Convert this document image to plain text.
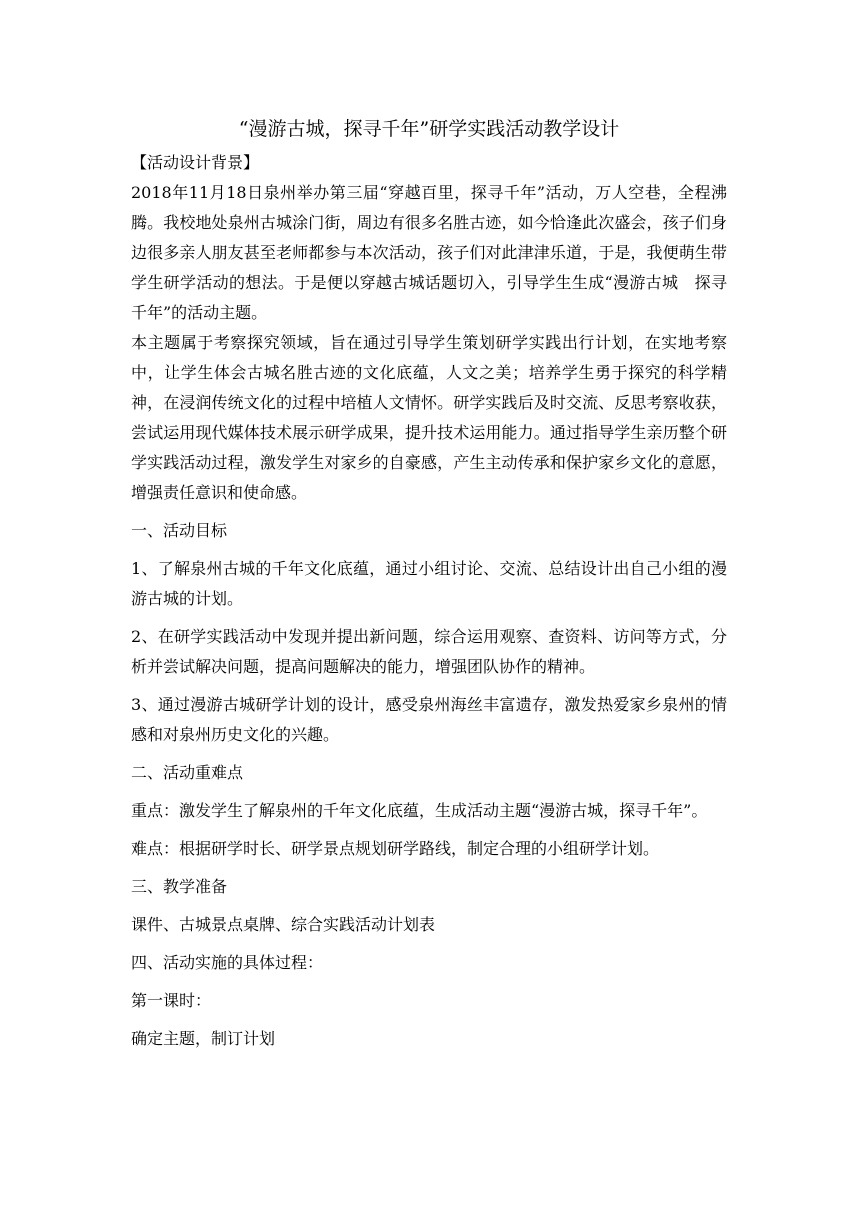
“漫游古城，探寻千年”研学实践活动教学设计

【活动设计背景】

2018年11月18日泉州举办第三届“穿越百里，探寻千年”活动，万人空巷，全程沸腾。我校地处泉州古城涂门街，周边有很多名胜古迹，如今恰逢此次盛会，孩子们身边很多亲人朋友甚至老师都参与本次活动，孩子们对此津津乐道，于是，我便萌生带学生研学活动的想法。于是便以穿越古城话题切入，引导学生生成“漫游古城　探寻千年”的活动主题。

本主题属于考察探究领域，旨在通过引导学生策划研学实践出行计划，在实地考察中，让学生体会古城名胜古迹的文化底蕴，人文之美；培养学生勇于探究的科学精神，在浸润传统文化的过程中培植人文情怀。研学实践后及时交流、反思考察收获，尝试运用现代媒体技术展示研学成果，提升技术运用能力。通过指导学生亲历整个研学实践活动过程，激发学生对家乡的自豪感，产生主动传承和保护家乡文化的意愿，增强责任意识和使命感。

一、活动目标

1、了解泉州古城的千年文化底蕴，通过小组讨论、交流、总结设计出自己小组的漫游古城的计划。

2、在研学实践活动中发现并提出新问题，综合运用观察、查资料、访问等方式，分析并尝试解决问题，提高问题解决的能力，增强团队协作的精神。

3、通过漫游古城研学计划的设计，感受泉州海丝丰富遗存，激发热爱家乡泉州的情感和对泉州历史文化的兴趣。

二、活动重难点

重点：激发学生了解泉州的千年文化底蕴，生成活动主题“漫游古城，探寻千年”。

难点：根据研学时长、研学景点规划研学路线，制定合理的小组研学计划。

三、教学准备

课件、古城景点桌牌、综合实践活动计划表

四、活动实施的具体过程：

第一课时：

确定主题，制订计划
